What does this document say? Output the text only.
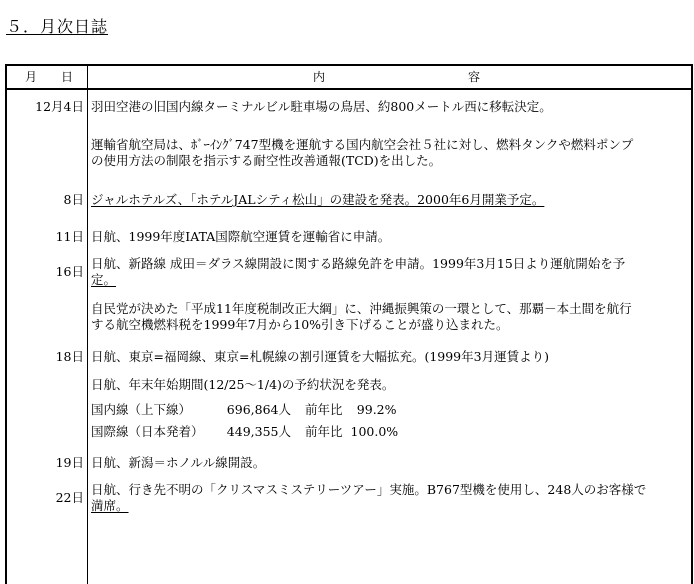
５．月次日誌
月 日	内	容
12月4日 羽田空港の旧国内線ターミナルビル駐車場の鳥居、約800メートル西に移転決定。
運輸省航空局は、ﾎﾞｰｲﾝｸﾞ747型機を運航する国内航空会社５社に対し、燃料タンクや燃料ポンプ
の使用方法の制限を指示する耐空性改善通報(TCD)を出した。
8日 ジャルホテルズ、「ホテルJALシティ松山」の建設を発表。2000年6月開業予定。
11日 日航、1999年度IATA国際航空運賃を運輸省に申請。
16日
日航、新路線 成田＝ダラス線開設に関する路線免許を申請。1999年3月15日より運航開始を予
定。
自民党が決めた「平成11年度税制改正大綱」に、沖縄振興策の一環として、那覇－本土間を航行
する航空機燃料税を1999年7月から10%引き下げることが盛り込まれた。
18日 日航、東京=福岡線、東京=札幌線の割引運賃を大幅拡充。(1999年3月運賃より)
日航、年末年始期間(12/25～1/4)の予約状況を発表。
国内線（上下線）	696,864人 前年比 99.2%
国際線（日本発着） 449,355人 前年比 100.0%
19日 日航、新潟＝ホノルル線開設。
22日
日航、行き先不明の「クリスマスミステリーツアー」実施。B767型機を使用し、248人のお客様で
満席。
